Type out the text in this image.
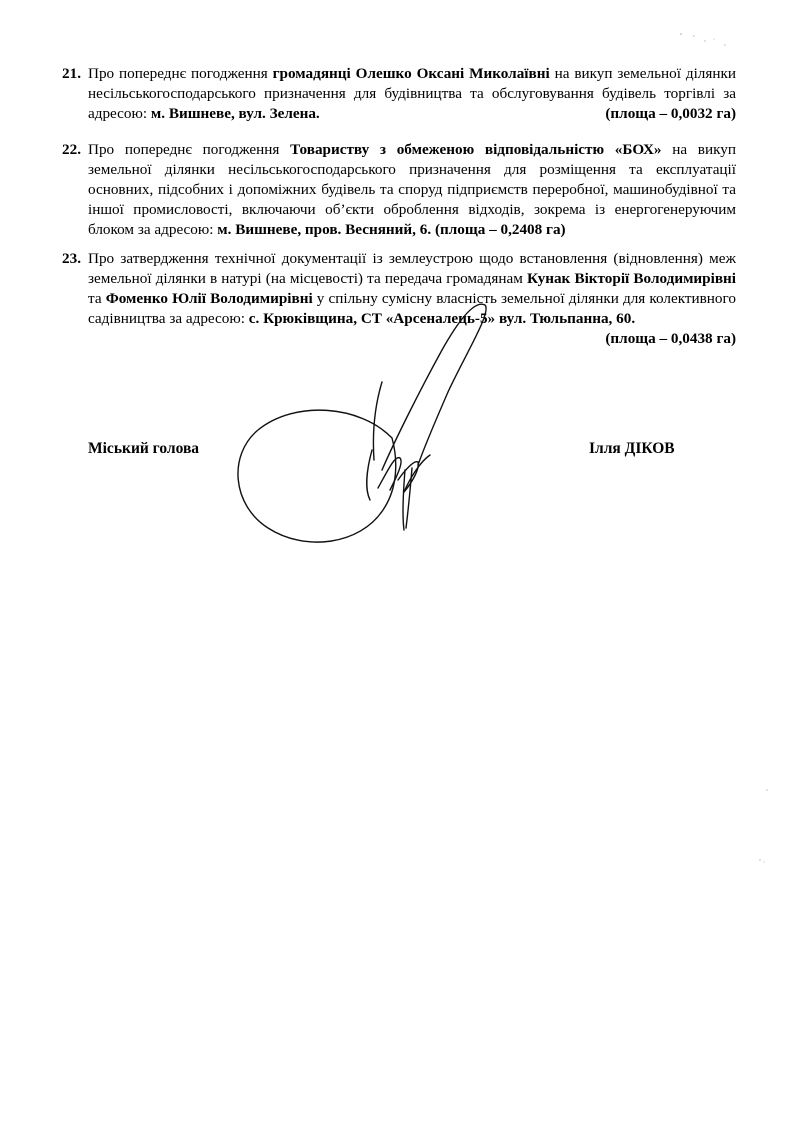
21. Про попереднє погодження громадянці Олешко Оксані Миколаївні на викуп земельної ділянки несільськогосподарського призначення для будівництва та обслуговування будівель торгівлі за адресою: м. Вишневе, вул. Зелена.	(площа – 0,0032 га)
22. Про попереднє погодження Товариству з обмеженою відповідальністю «БОХ» на викуп земельної ділянки несільськогосподарського призначення для розміщення та експлуатації основних, підсобних і допоміжних будівель та споруд підприємств переробної, машинобудівної та іншої промисловості, включаючи об’єкти оброблення відходів, зокрема із енергогенеруючим блоком за адресою: м. Вишневе, пров. Весняний, 6. (площа – 0,2408 га)
23. Про затвердження технічної документації із землеустрою щодо встановлення (відновлення) меж земельної ділянки в натурі (на місцевості) та передача громадянам Кунак Вікторії Володимирівні та Фоменко Юлії Володимирівні у спільну сумісну власність земельної ділянки для колективного садівництва за адресою: с. Крюківщина, СТ «Арсеналець-5» вул. Тюльпанна, 60.
(площа – 0,0438 га)
Міський голова	Ілля ДІКОВ
